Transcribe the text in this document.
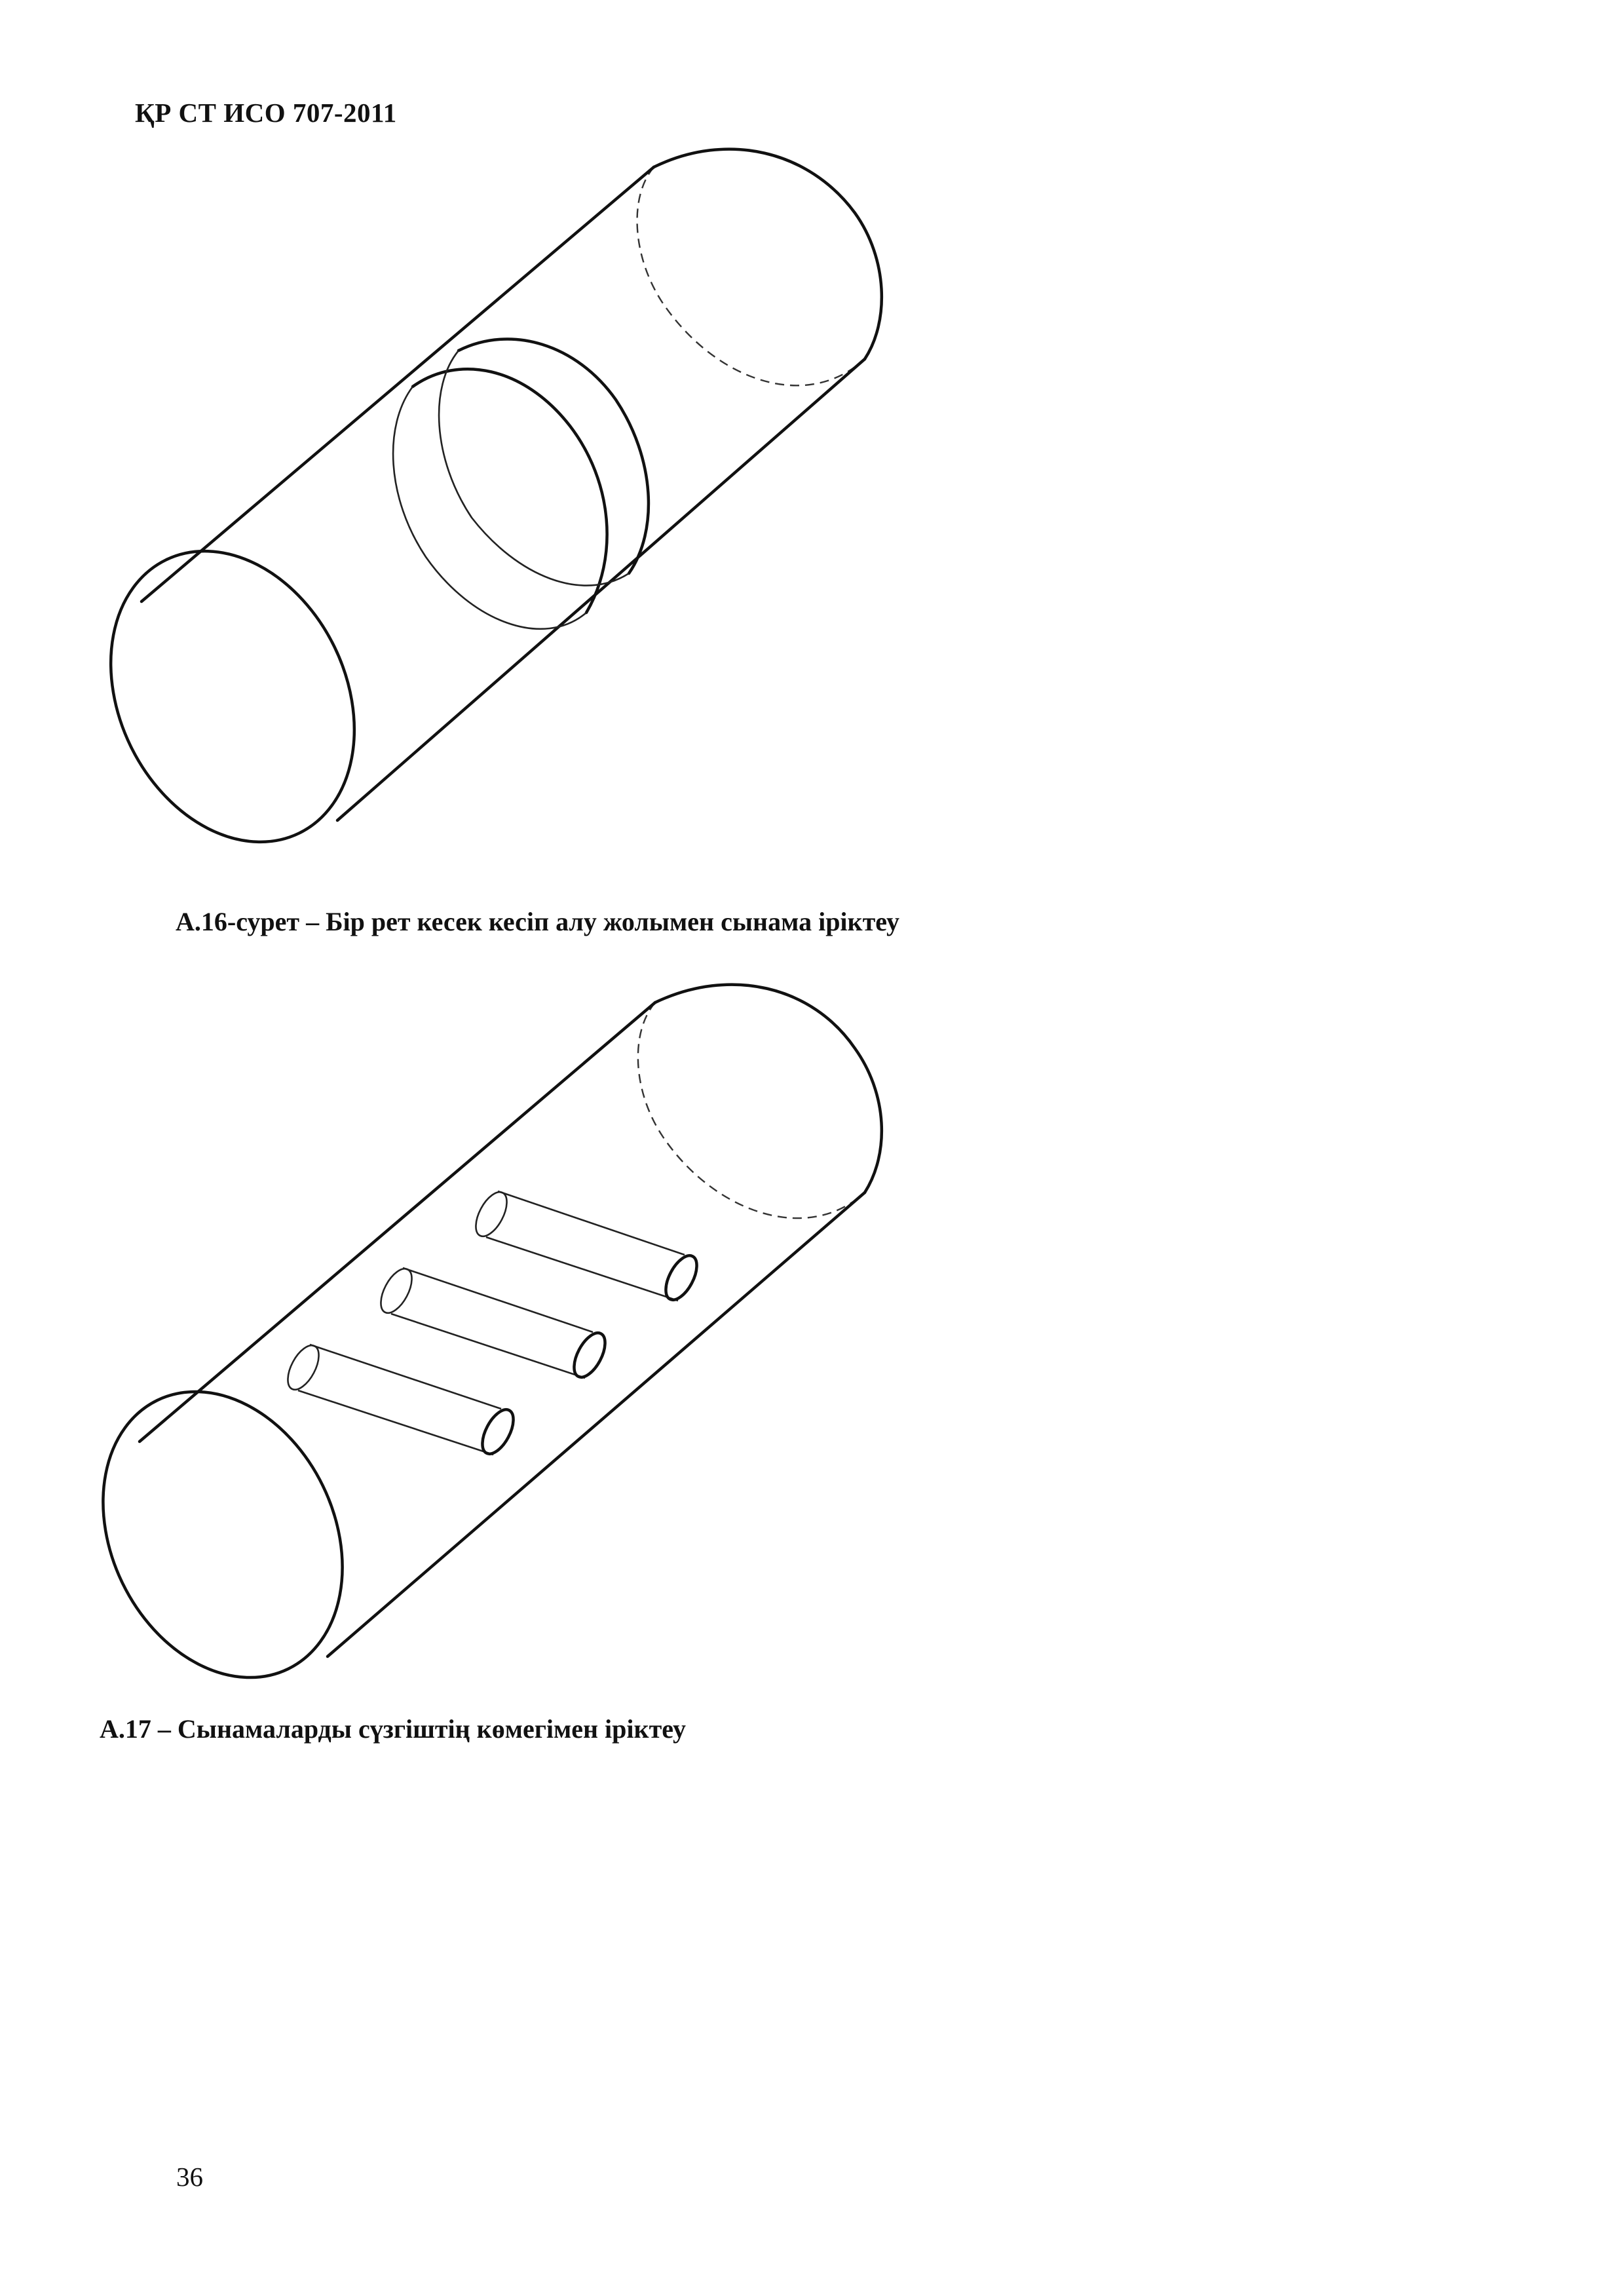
ҚР СТ ИСО 707-2011
А.16-сурет – Бір рет кесек кесіп алу жолымен сынама іріктеу
А.17 – Сынамаларды сүзгіштің көмегімен іріктеу
36
